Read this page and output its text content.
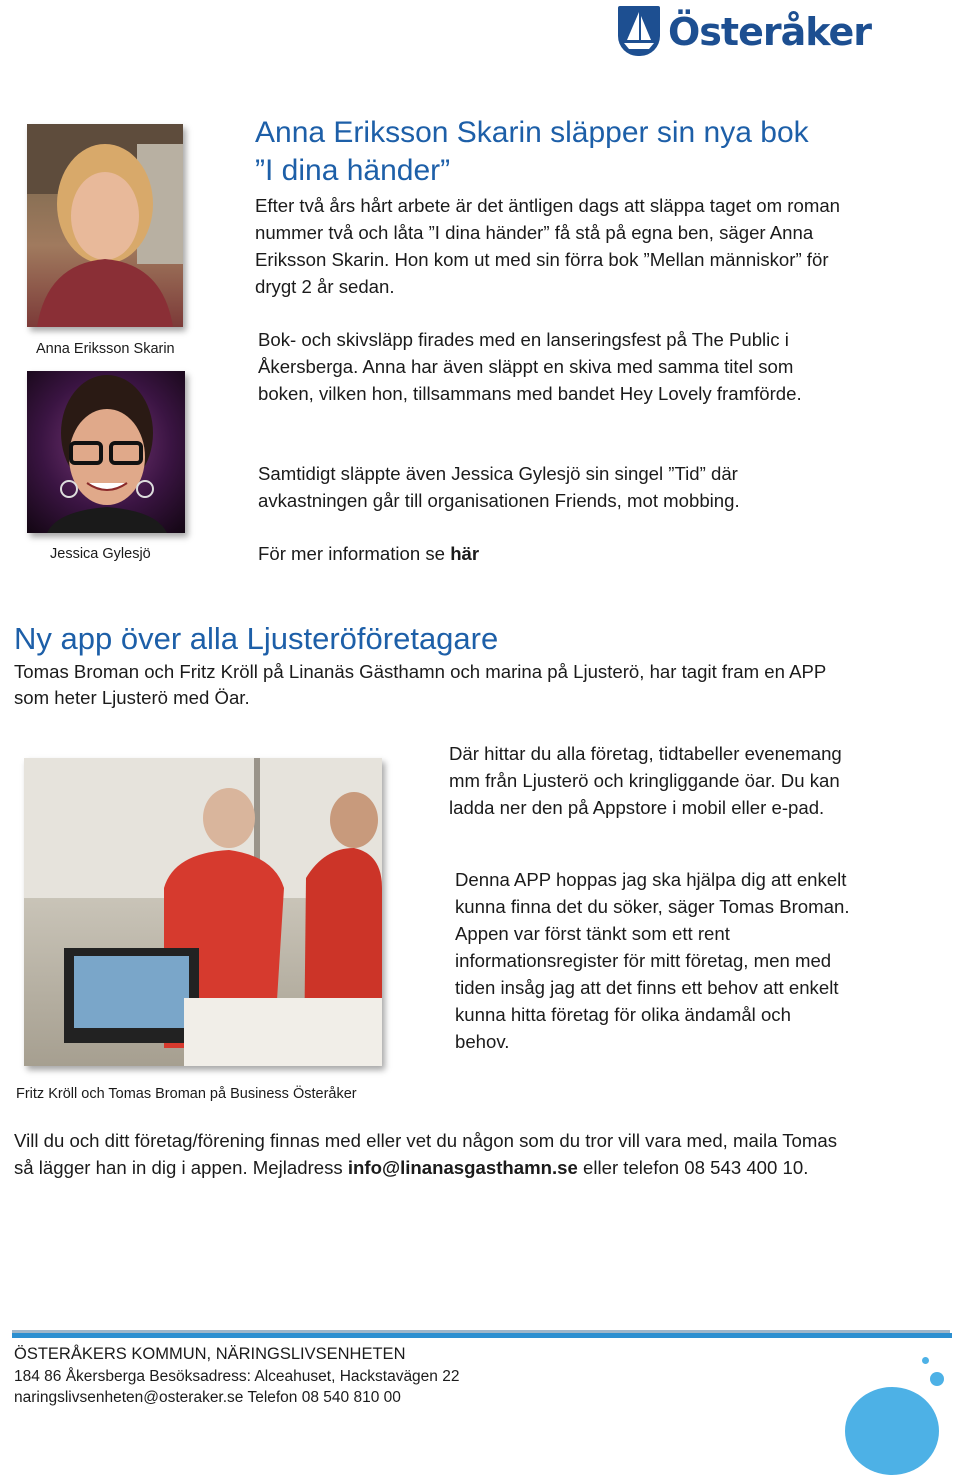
Österåker
Anna Eriksson Skarin
Jessica Gylesjö
Anna Eriksson Skarin släpper sin nya bok
”I dina händer”

Efter två års hårt arbete är det äntligen dags att släppa taget om roman nummer två och låta ”I dina händer” få stå på egna ben, säger Anna Eriksson Skarin. Hon kom ut med sin förra bok ”Mellan människor” för drygt 2 år sedan.

Bok- och skivsläpp firades med en lanseringsfest på The Public i Åkersberga. Anna har även släppt en skiva med samma titel som boken, vilken hon, tillsammans med bandet Hey Lovely framförde.

Samtidigt släppte även Jessica Gylesjö sin singel ”Tid” där avkastningen går till organisationen Friends, mot mobbing.

För mer information se här

Ny app över alla Ljusteröföretagare

Tomas Broman och Fritz Kröll på Linanäs Gästhamn och marina på Ljusterö, har tagit fram en APP som heter Ljusterö med Öar.

Där hittar du alla företag, tidtabeller evenemang mm från Ljusterö och kringliggande öar. Du kan ladda ner den på Appstore i mobil eller e-pad.

Denna APP hoppas jag ska hjälpa dig att enkelt kunna finna det du söker, säger Tomas Broman. Appen var först tänkt som ett rent informationsregister för mitt företag, men med tiden insåg jag att det finns ett behov att enkelt kunna hitta företag för olika ändamål och behov.

Fritz Kröll och Tomas Broman på Business Österåker

Vill du och ditt företag/förening finnas med eller vet du någon som du tror vill vara med, maila Tomas så lägger han in dig i appen. Mejladress info@linanasgasthamn.se eller telefon 08 543 400 10.

ÖSTERÅKERS KOMMUN, NÄRINGSLIVSENHETEN
184 86 Åkersberga Besöksadress: Alceahuset, Hackstavägen 22
naringslivsenheten@osteraker.se Telefon 08 540 810 00
